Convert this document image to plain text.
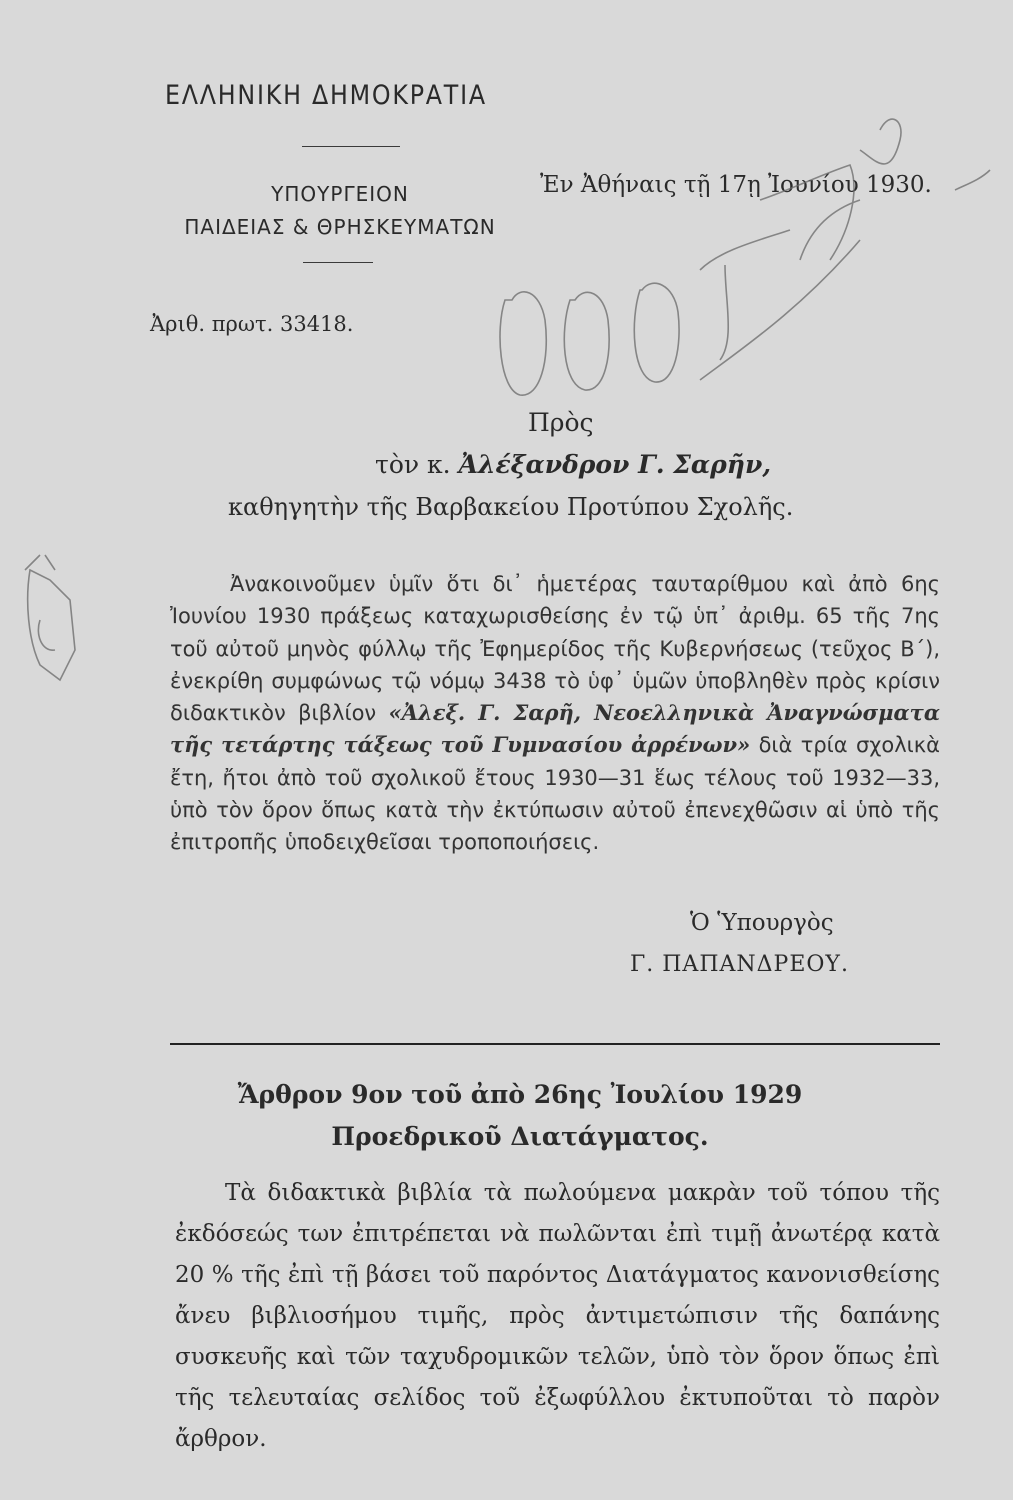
ΕΛΛΗΝΙΚΗ ΔΗΜΟΚΡΑΤΙΑ
ΥΠΟΥΡΓΕΙΟΝ
ΠΑΙΔΕΙΑΣ & ΘΡΗΣΚΕΥΜΑΤΩΝ
Ἐν Ἀθήναις τῇ 17ῃ Ἰουνίου 1930.
Ἀριθ. πρωτ. 33418.
Πρὸς
τὸν κ. Ἀλέξανδρον Γ. Σαρῆν,
καθηγητὴν τῆς Βαρβακείου Προτύπου Σχολῆς.
Ἀνακοινοῦμεν ὑμῖν ὅτι δι᾿ ἡμετέρας ταυταρίθμου καὶ ἀπὸ 6ης Ἰουνίου 1930 πράξεως καταχωρισθείσης ἐν τῷ ὑπ᾿ ἀριθμ. 65 τῆς 7ης τοῦ αὐτοῦ μηνὸς φύλλῳ τῆς Ἐφημερίδος τῆς Κυβερνήσεως (τεῦχος Β΄), ἐνεκρίθη συμφώνως τῷ νόμῳ 3438 τὸ ὑφ᾿ ὑμῶν ὑποβληθὲν πρὸς κρίσιν διδακτικὸν βιβλίον «Ἀλεξ. Γ. Σαρῆ, Νεοελληνικὰ Ἀναγνώσματα τῆς τετάρτης τάξεως τοῦ Γυμνασίου ἀρρένων» διὰ τρία σχολικὰ ἔτη, ἤτοι ἀπὸ τοῦ σχολικοῦ ἔτους 1930—31 ἕως τέλους τοῦ 1932—33, ὑπὸ τὸν ὅρον ὅπως κατὰ τὴν ἐκτύπωσιν αὐτοῦ ἐπενεχθῶσιν αἱ ὑπὸ τῆς ἐπιτροπῆς ὑποδειχθεῖσαι τροποποιήσεις.
Ὁ Ὑπουργὸς
Γ. ΠΑΠΑΝΔΡΕΟΥ.
Ἄρθρον 9ον τοῦ ἀπὸ 26ης Ἰουλίου 1929
Προεδρικοῦ Διατάγματος.
Τὰ διδακτικὰ βιβλία τὰ πωλούμενα μακρὰν τοῦ τόπου τῆς ἐκδόσεώς των ἐπιτρέπεται νὰ πωλῶνται ἐπὶ τιμῇ ἀνωτέρᾳ κατὰ 20 % τῆς ἐπὶ τῇ βάσει τοῦ παρόντος Διατάγματος κανονισθείσης ἄνευ βιβλιοσήμου τιμῆς, πρὸς ἀντιμετώπισιν τῆς δαπάνης συσκευῆς καὶ τῶν ταχυδρομικῶν τελῶν, ὑπὸ τὸν ὅρον ὅπως ἐπὶ τῆς τελευταίας σελίδος τοῦ ἐξωφύλλου ἐκτυποῦται τὸ παρὸν ἄρθρον.
